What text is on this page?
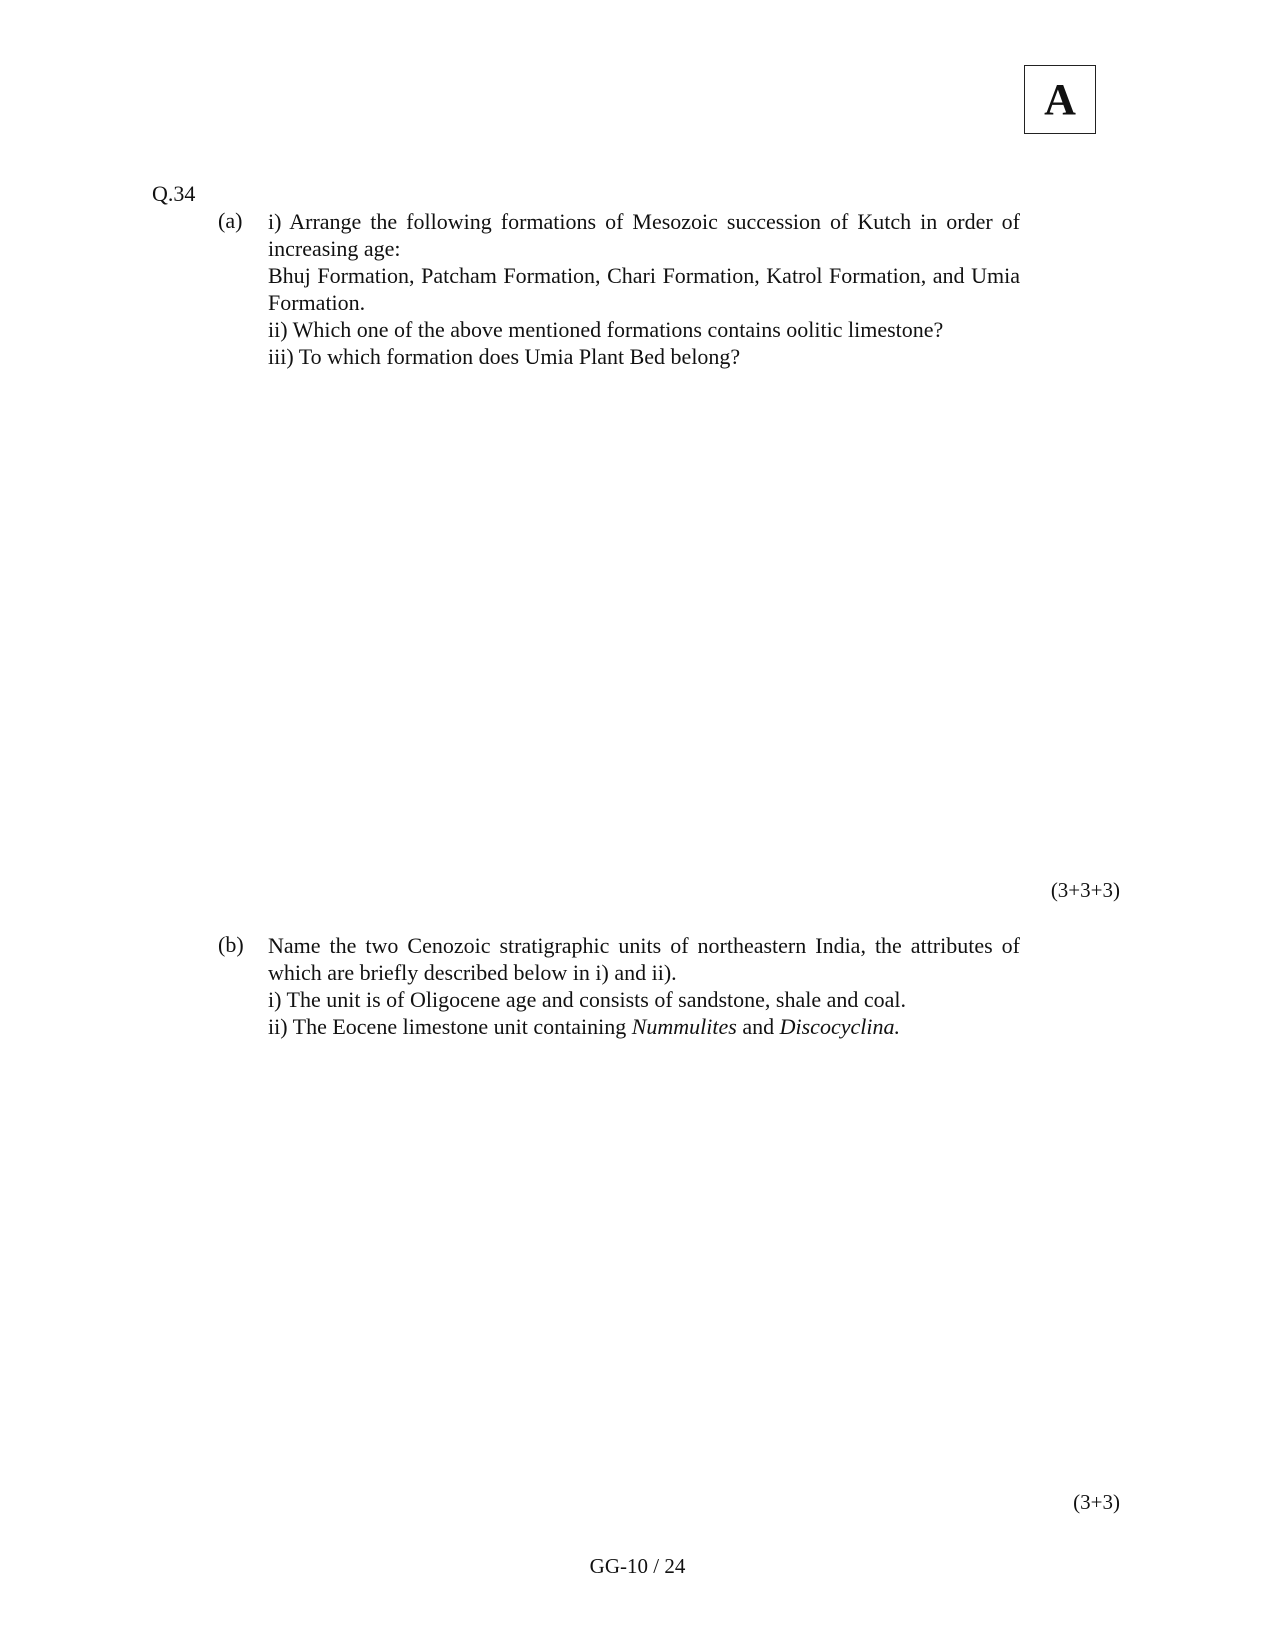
A
Q.34
(a) i) Arrange the following formations of Mesozoic succession of Kutch in order of increasing age:

Bhuj Formation, Patcham Formation, Chari Formation, Katrol Formation, and Umia Formation.

ii) Which one of the above mentioned formations contains oolitic limestone?

iii) To which formation does Umia Plant Bed belong?

(3+3+3)
(b) Name the two Cenozoic stratigraphic units of northeastern India, the attributes of which are briefly described below in i) and ii).

i) The unit is of Oligocene age and consists of sandstone, shale and coal.

ii) The Eocene limestone unit containing Nummulites and Discocyclina.

(3+3)
GG-10 / 24
